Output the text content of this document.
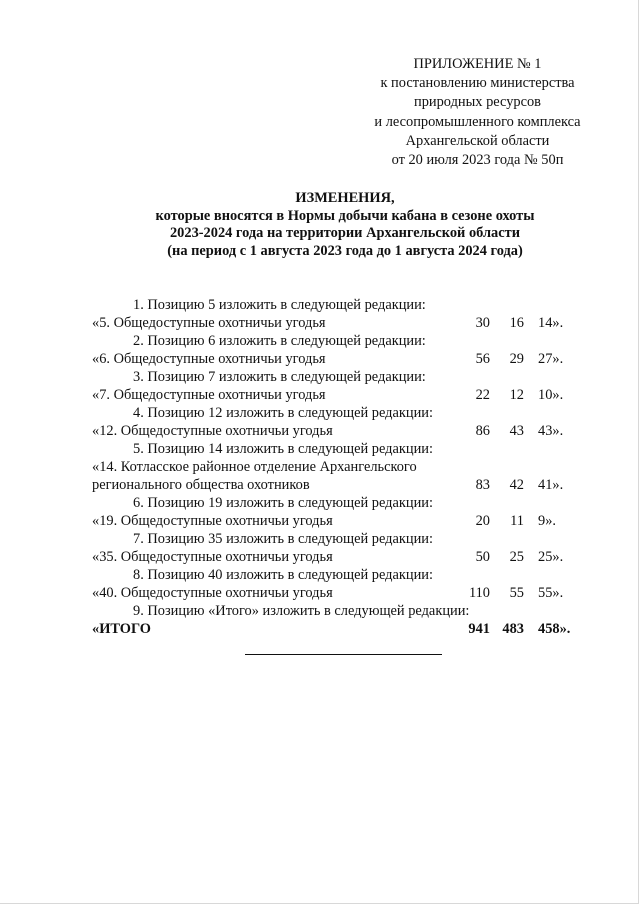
ПРИЛОЖЕНИЕ № 1
к постановлению министерства
природных ресурсов
и лесопромышленного комплекса
Архангельской области
от 20 июля 2023 года № 50п
ИЗМЕНЕНИЯ,
которые вносятся в Нормы добычи кабана в сезоне охоты
2023-2024 года на территории Архангельской области
(на период с 1 августа 2023 года до 1 августа 2024 года)
1. Позицию 5 изложить в следующей редакции:
«5. Общедоступные охотничьи угодья	30	16 14».
2. Позицию 6 изложить в следующей редакции:
«6. Общедоступные охотничьи угодья	56	29 27».
3. Позицию 7 изложить в следующей редакции:
«7. Общедоступные охотничьи угодья	22	12 10».
4. Позицию 12 изложить в следующей редакции:
«12. Общедоступные охотничьи угодья	86	43 43».
5. Позицию 14 изложить в следующей редакции:
«14. Котласское районное отделение Архангельского регионального общества охотников	83	42 41».
6. Позицию 19 изложить в следующей редакции:
«19. Общедоступные охотничьи угодья	20	11 9».
7. Позицию 35 изложить в следующей редакции:
«35. Общедоступные охотничьи угодья	50	25 25».
8. Позицию 40 изложить в следующей редакции:
«40. Общедоступные охотничьи угодья	110	55 55».
9. Позицию «Итого» изложить в следующей редакции:
«ИТОГО	941 483 458».
